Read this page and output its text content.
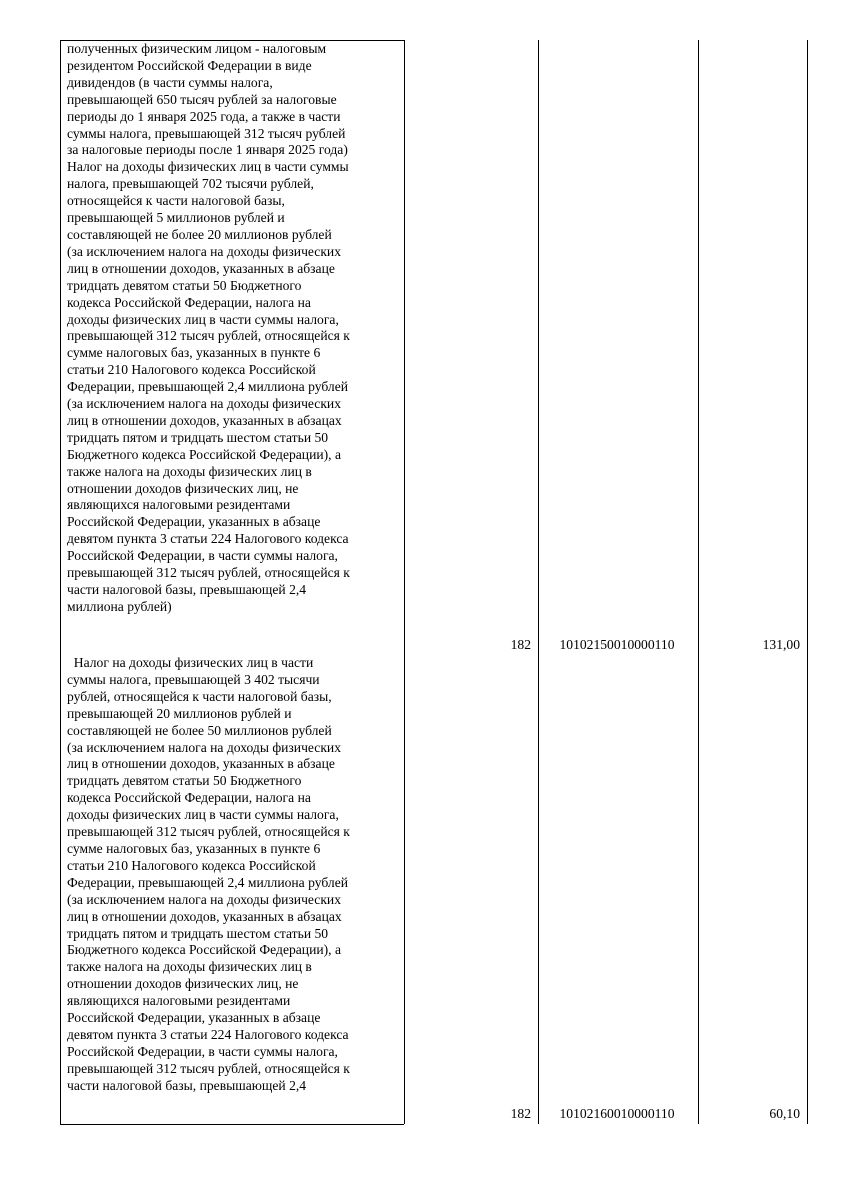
полученных физическим лицом - налоговым
резидентом Российской Федерации в виде
дивидендов (в части суммы налога,
превышающей 650 тысяч рублей за налоговые
периоды до 1 января 2025 года, а также в части
суммы налога, превышающей 312 тысяч рублей
за налоговые периоды после 1 января 2025 года)
Налог на доходы физических лиц в части суммы
налога, превышающей 702 тысячи рублей,
относящейся к части налоговой базы,
превышающей 5 миллионов рублей и
составляющей не более 20 миллионов рублей
(за исключением налога на доходы физических
лиц в отношении доходов, указанных в абзаце
тридцать девятом статьи 50 Бюджетного
кодекса Российской Федерации, налога на
доходы физических лиц в части суммы налога,
превышающей 312 тысяч рублей, относящейся к
сумме налоговых баз, указанных в пункте 6
статьи 210 Налогового кодекса Российской
Федерации, превышающей 2,4 миллиона рублей
(за исключением налога на доходы физических
лиц в отношении доходов, указанных в абзацах
тридцать пятом и тридцать шестом статьи 50
Бюджетного кодекса Российской Федерации), а
также налога на доходы физических лиц в
отношении доходов физических лиц, не
являющихся налоговыми резидентами
Российской Федерации, указанных в абзаце
девятом пункта 3 статьи 224 Налогового кодекса
Российской Федерации, в части суммы налога,
превышающей 312 тысяч рублей, относящейся к
части налоговой базы, превышающей 2,4
миллиона рублей)
182	10102150010000110	131,00
Налог на доходы физических лиц в части
суммы налога, превышающей 3 402 тысячи
рублей, относящейся к части налоговой базы,
превышающей 20 миллионов рублей и
составляющей не более 50 миллионов рублей
(за исключением налога на доходы физических
лиц в отношении доходов, указанных в абзаце
тридцать девятом статьи 50 Бюджетного
кодекса Российской Федерации, налога на
доходы физических лиц в части суммы налога,
превышающей 312 тысяч рублей, относящейся к
сумме налоговых баз, указанных в пункте 6
статьи 210 Налогового кодекса Российской
Федерации, превышающей 2,4 миллиона рублей
(за исключением налога на доходы физических
лиц в отношении доходов, указанных в абзацах
тридцать пятом и тридцать шестом статьи 50
Бюджетного кодекса Российской Федерации), а
также налога на доходы физических лиц в
отношении доходов физических лиц, не
являющихся налоговыми резидентами
Российской Федерации, указанных в абзаце
девятом пункта 3 статьи 224 Налогового кодекса
Российской Федерации, в части суммы налога,
превышающей 312 тысяч рублей, относящейся к
части налоговой базы, превышающей 2,4
182	10102160010000110	60,10
